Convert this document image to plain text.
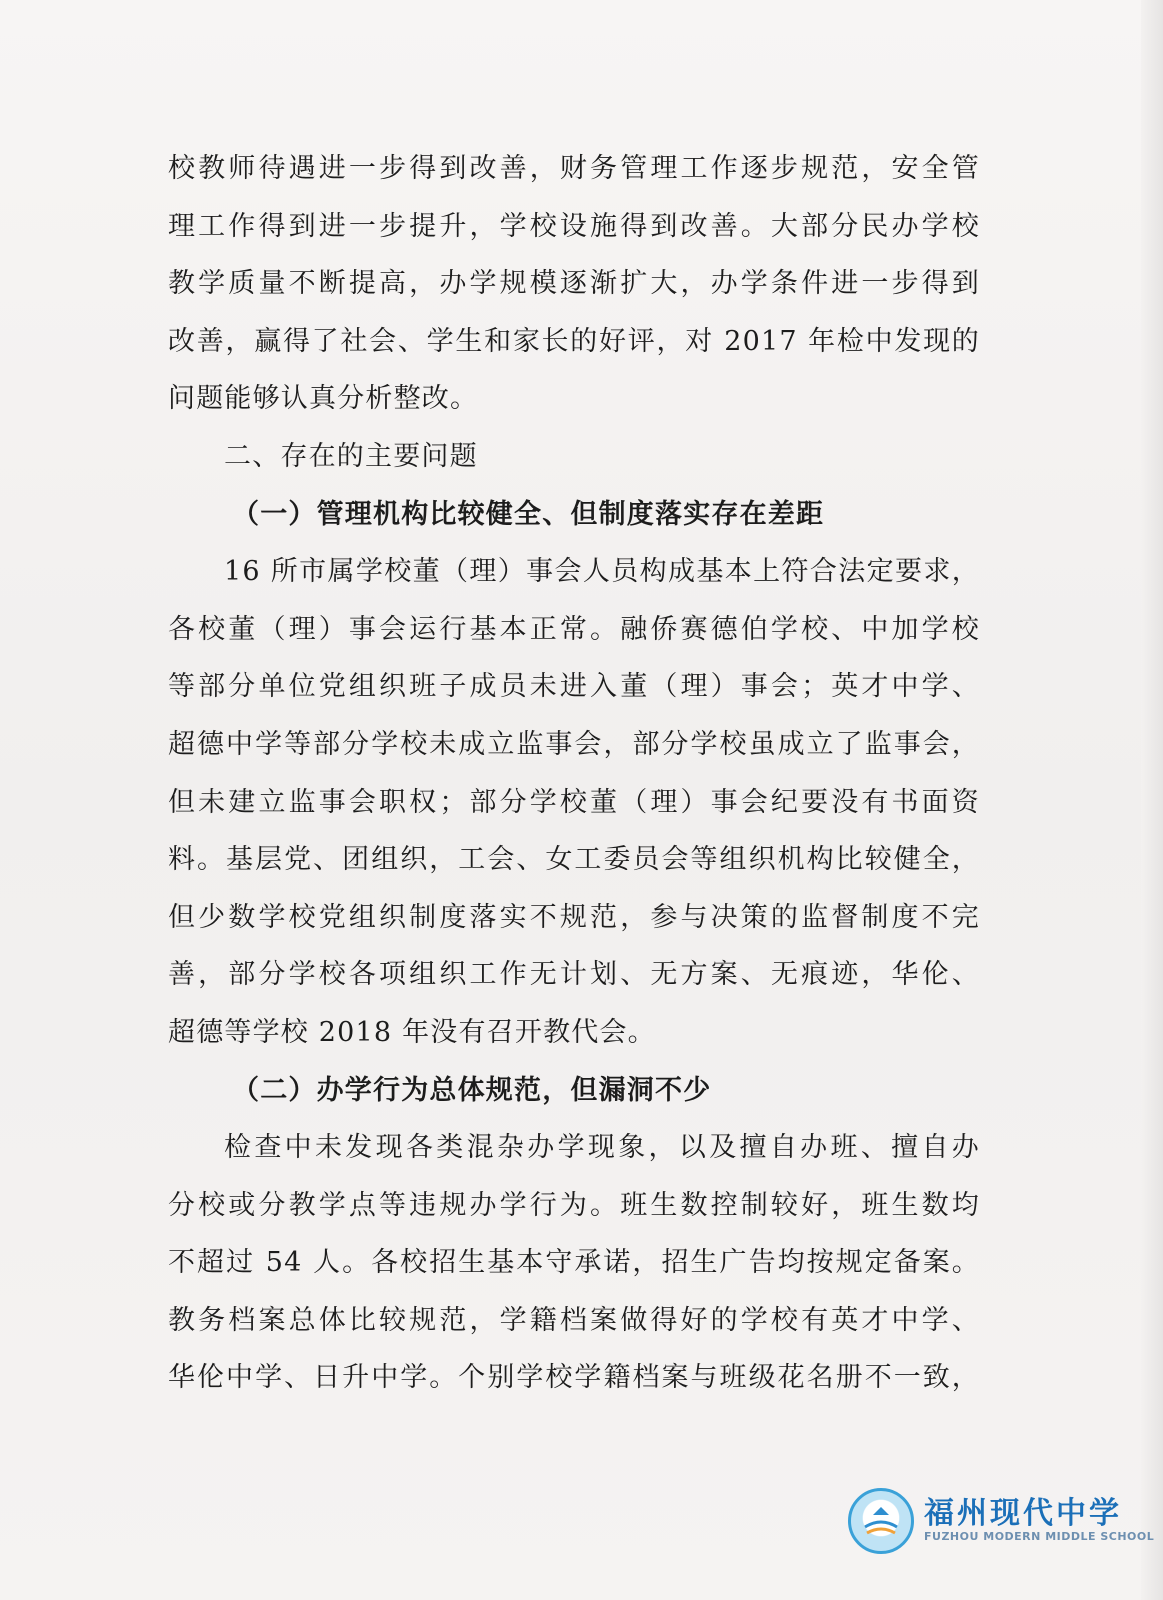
校教师待遇进一步得到改善，财务管理工作逐步规范，安全管
理工作得到进一步提升，学校设施得到改善。大部分民办学校
教学质量不断提高，办学规模逐渐扩大，办学条件进一步得到
改善，赢得了社会、学生和家长的好评，对 2017 年检中发现的
问题能够认真分析整改。
二、存在的主要问题
（一）管理机构比较健全、但制度落实存在差距
16 所市属学校董（理）事会人员构成基本上符合法定要求，
各校董（理）事会运行基本正常。融侨赛德伯学校、中加学校
等部分单位党组织班子成员未进入董（理）事会；英才中学、
超德中学等部分学校未成立监事会，部分学校虽成立了监事会，
但未建立监事会职权；部分学校董（理）事会纪要没有书面资
料。基层党、团组织，工会、女工委员会等组织机构比较健全，
但少数学校党组织制度落实不规范，参与决策的监督制度不完
善，部分学校各项组织工作无计划、无方案、无痕迹，华伦、
超德等学校 2018 年没有召开教代会。
（二）办学行为总体规范，但漏洞不少
检查中未发现各类混杂办学现象，以及擅自办班、擅自办
分校或分教学点等违规办学行为。班生数控制较好，班生数均
不超过 54 人。各校招生基本守承诺，招生广告均按规定备案。
教务档案总体比较规范，学籍档案做得好的学校有英才中学、
华伦中学、日升中学。个别学校学籍档案与班级花名册不一致，
福州现代中学
FUZHOU MODERN MIDDLE SCHOOL
